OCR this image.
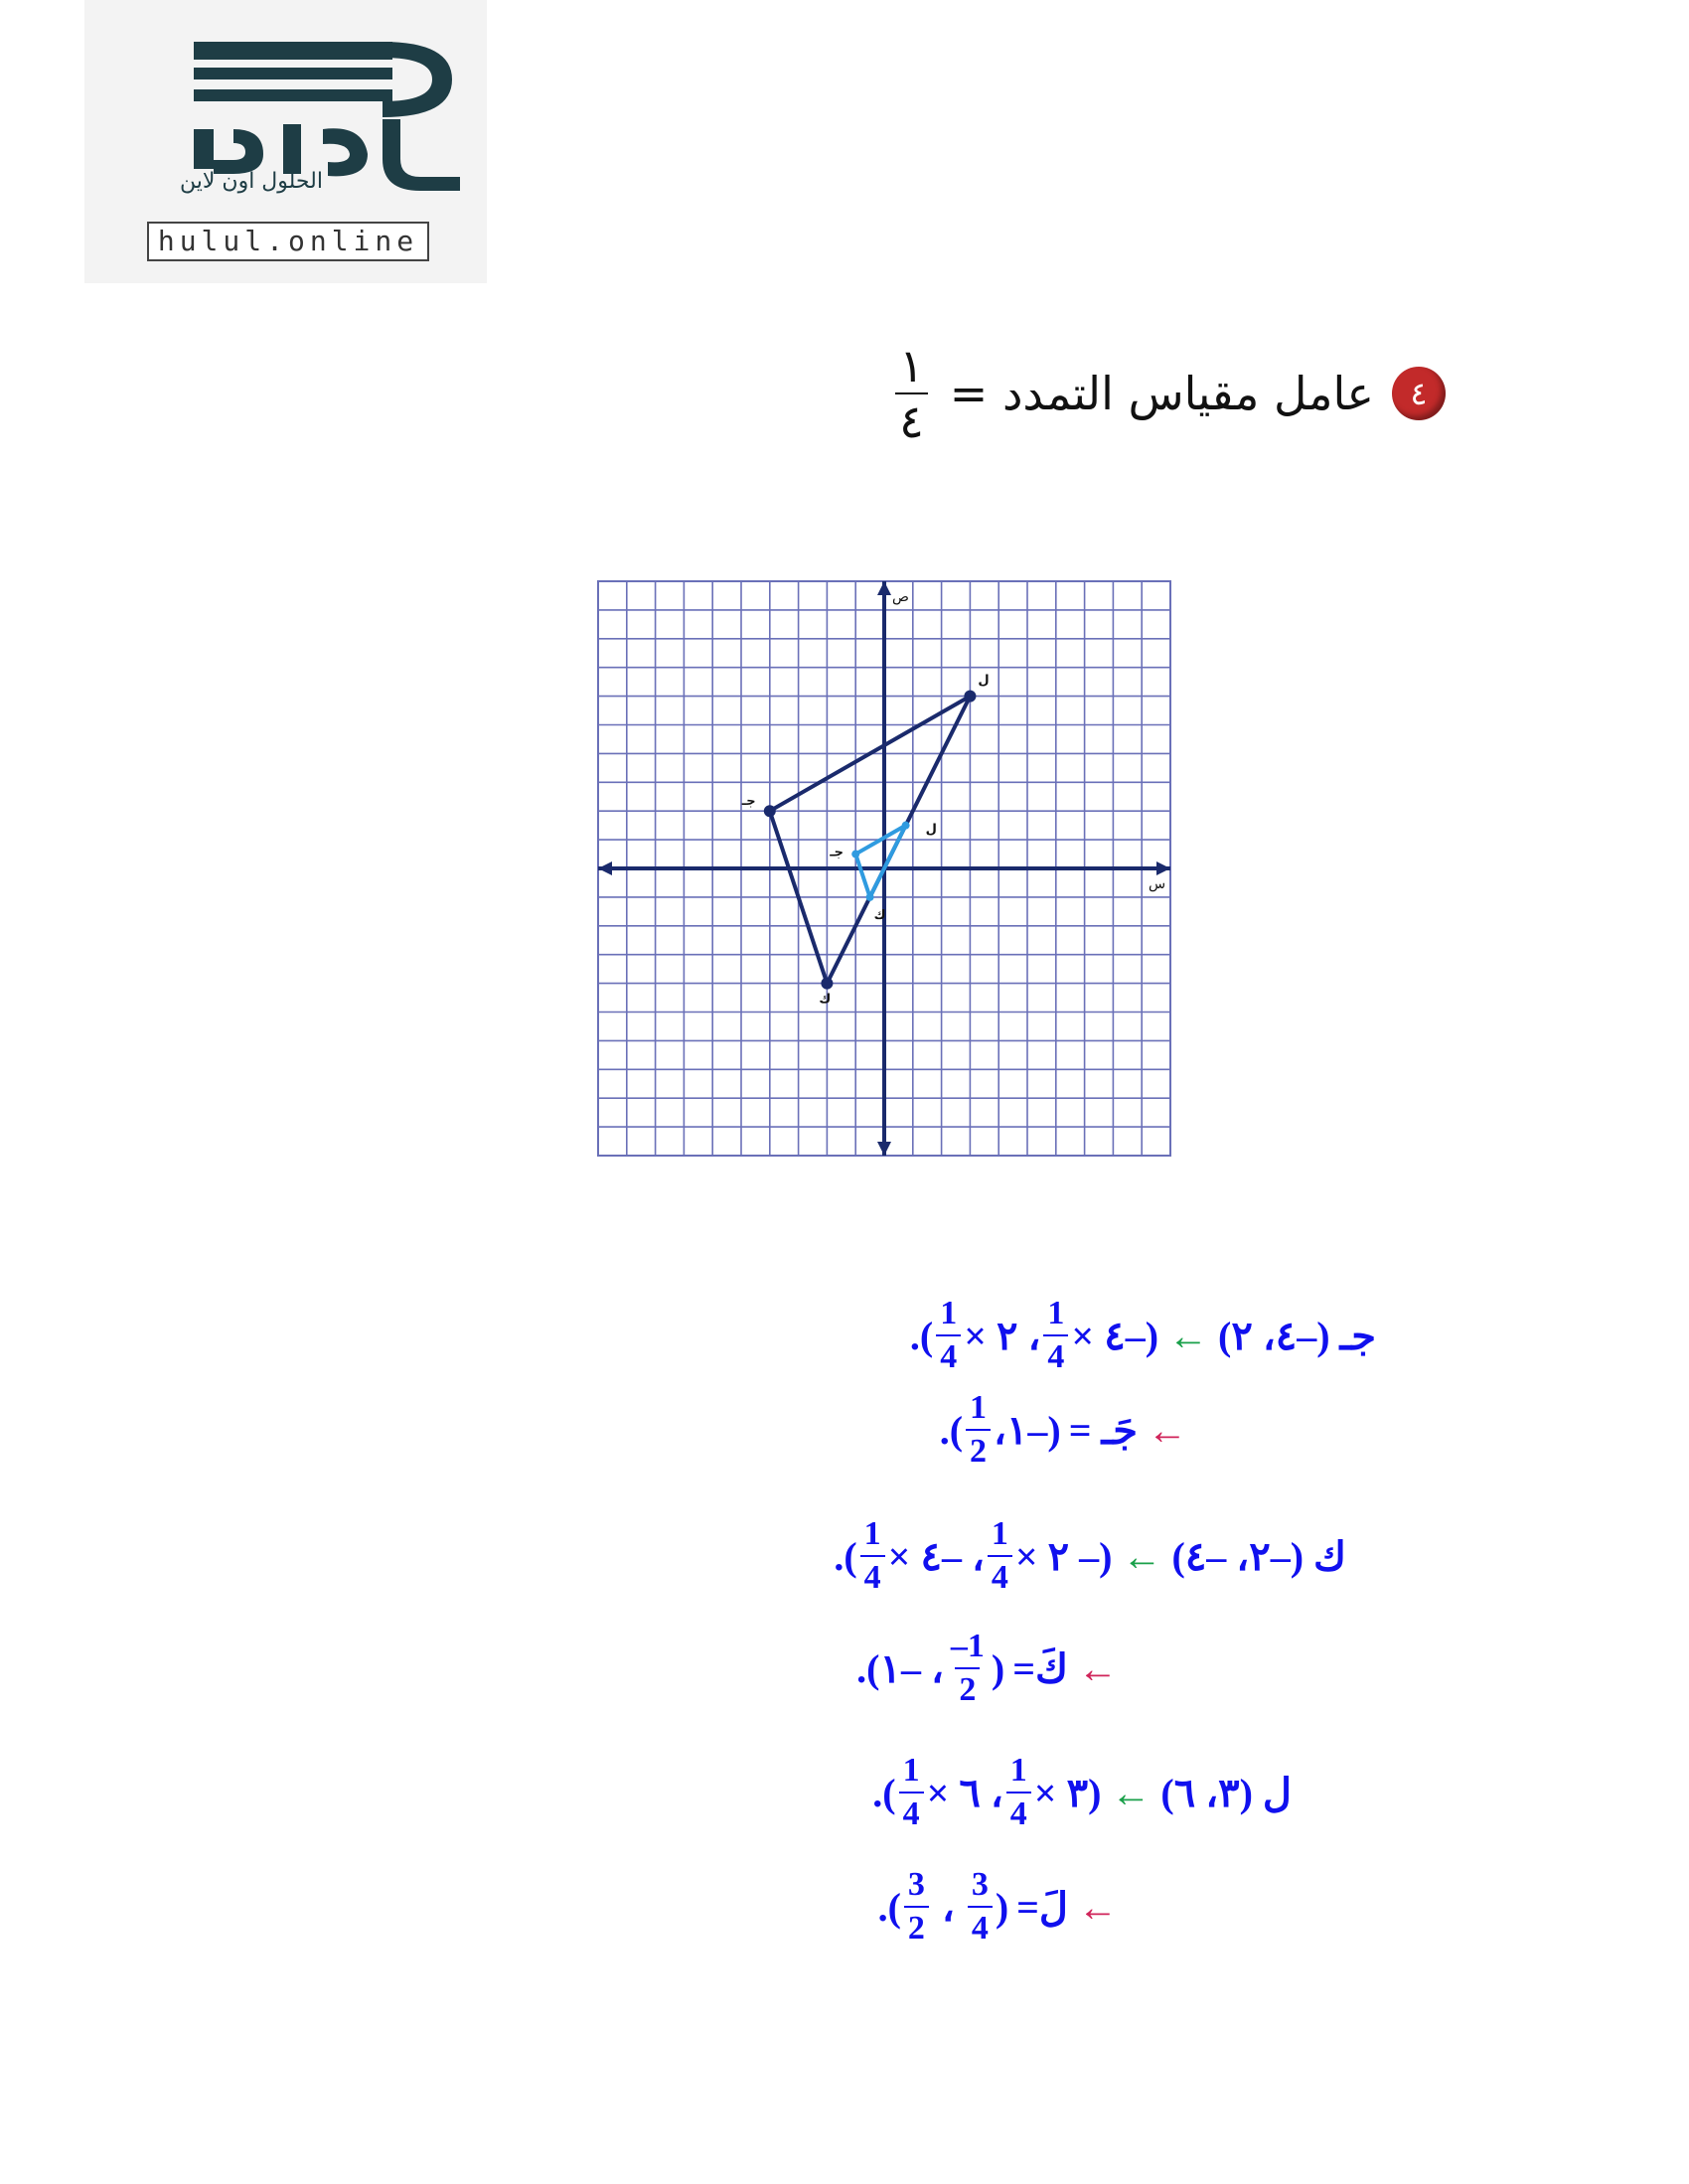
الحلول اون لاين
hulul.online
٤
عامل مقياس التمدد =
$\frac{١}{٤}$
ص
س
جـ
ك
ل
جـ
ك
ل
جـ (–٤، ٢)
←
(–٤ ×
$\frac{1}{4}$
، ٢ ×
$\frac{1}{4}$
).
←
جَـ =
(–١،
$\frac{1}{2}$
).
ك (–٢، –٤)
←
(– ٢ ×
$\frac{1}{4}$
، –٤ ×
$\frac{1}{4}$
).
←
كَ=
(
$\frac{1-}{2}$
، –١).
ل (٣، ٦)
←
(٣ ×
$\frac{1}{4}$
، ٦ ×
$\frac{1}{4}$
).
←
لَ=
(
$\frac{3}{4}$
،
$\frac{3}{2}$
).
